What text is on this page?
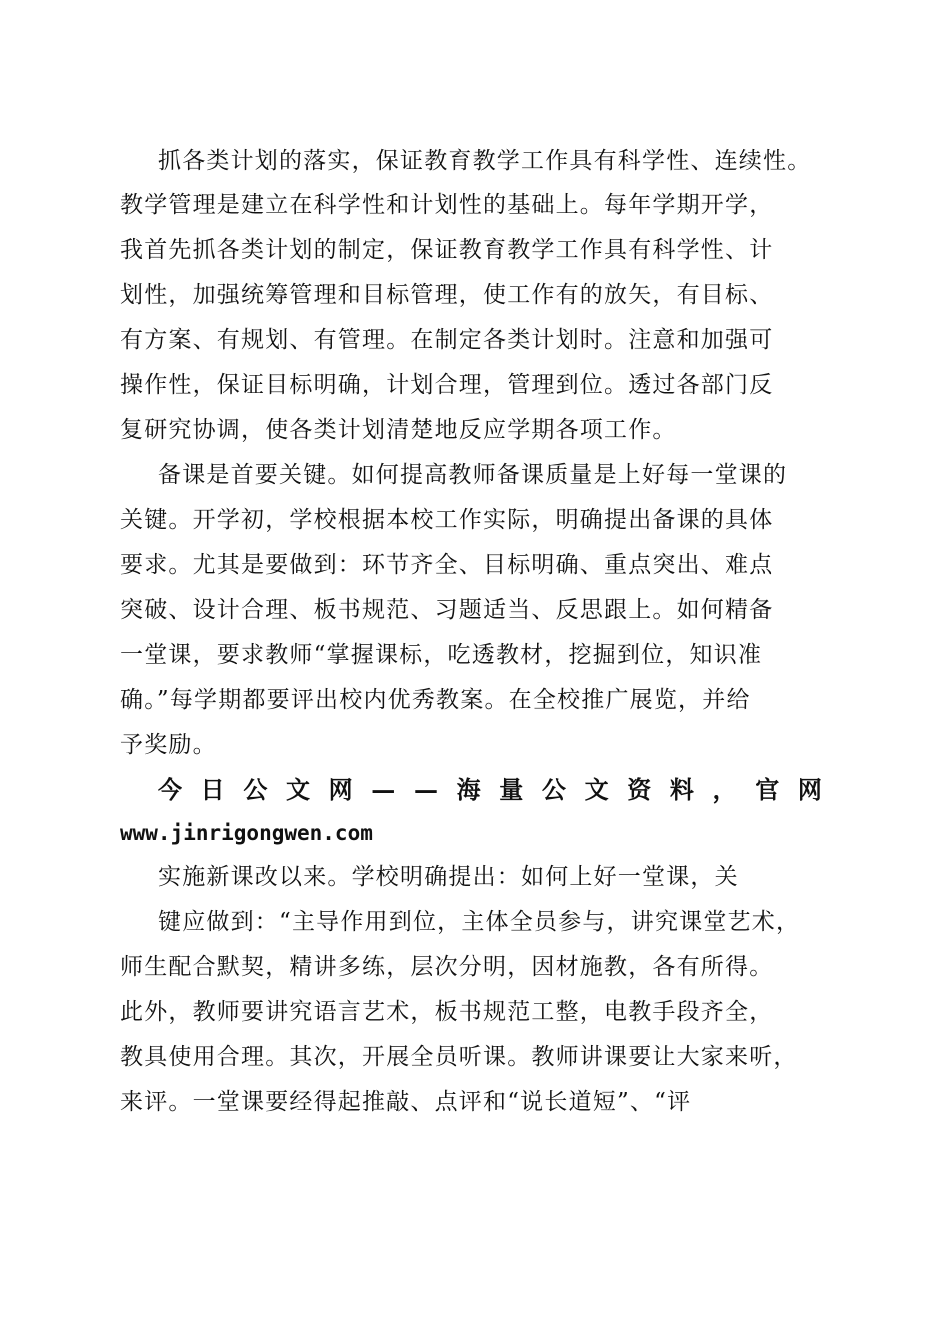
抓各类计划的落实，保证教育教学工作具有科学性、连续性。
教学管理是建立在科学性和计划性的基础上。每年学期开学，
我首先抓各类计划的制定，保证教育教学工作具有科学性、计
划性，加强统筹管理和目标管理，使工作有的放矢，有目标、
有方案、有规划、有管理。在制定各类计划时。注意和加强可
操作性，保证目标明确，计划合理，管理到位。透过各部门反
复研究协调，使各类计划清楚地反应学期各项工作。
备课是首要关键。如何提高教师备课质量是上好每一堂课的
关键。开学初，学校根据本校工作实际，明确提出备课的具体
要求。尤其是要做到：环节齐全、目标明确、重点突出、难点
突破、设计合理、板书规范、习题适当、反思跟上。如何精备
一堂课，要求教师“掌握课标，吃透教材，挖掘到位，知识准
确。”每学期都要评出校内优秀教案。在全校推广展览，并给
予奖励。
今 日 公 文 网 — — 海 量 公 文 资 料 ， 官 网
www.jinrigongwen.com
实施新课改以来。学校明确提出：如何上好一堂课，关
键应做到：“主导作用到位，主体全员参与，讲究课堂艺术，
师生配合默契，精讲多练，层次分明，因材施教，各有所得。
此外，教师要讲究语言艺术，板书规范工整，电教手段齐全，
教具使用合理。其次，开展全员听课。教师讲课要让大家来听，
来评。一堂课要经得起推敲、点评和“说长道短”、“评
